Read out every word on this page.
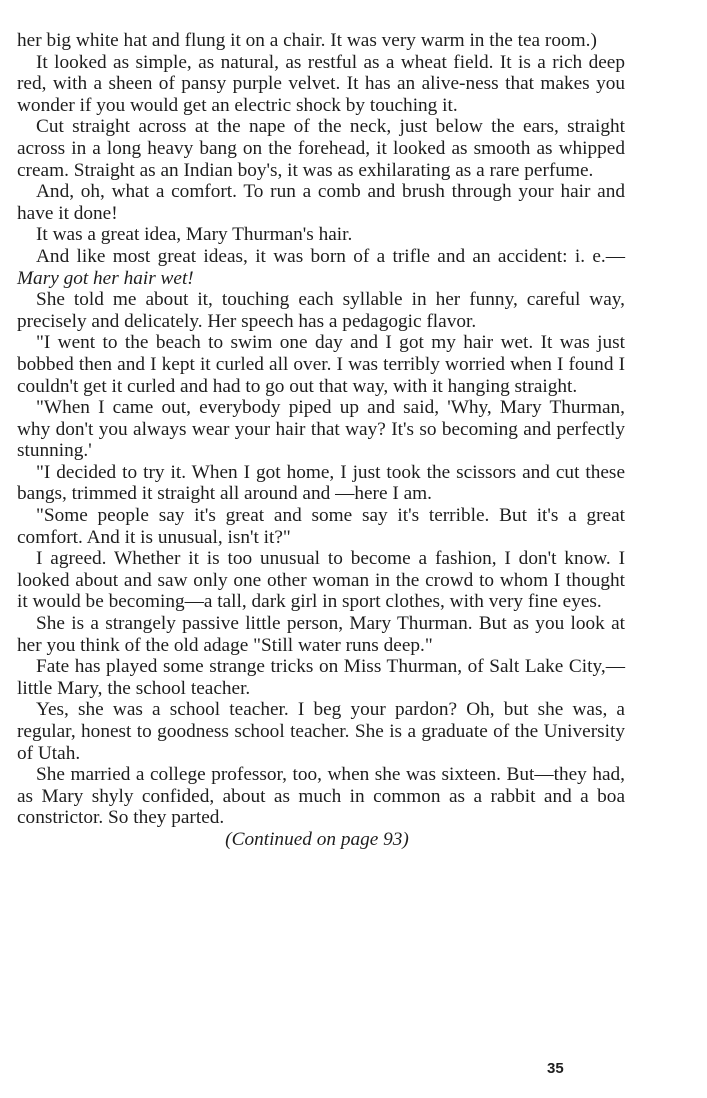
her big white hat and flung it on a chair. It was very warm in the tea room.)

It looked as simple, as natural, as restful as a wheat field. It is a rich deep red, with a sheen of pansy purple velvet. It has an alive-ness that makes you wonder if you would get an electric shock by touching it.

Cut straight across at the nape of the neck, just below the ears, straight across in a long heavy bang on the forehead, it looked as smooth as whipped cream. Straight as an Indian boy's, it was as exhilarating as a rare perfume.

And, oh, what a comfort. To run a comb and brush through your hair and have it done!

It was a great idea, Mary Thurman's hair.

And like most great ideas, it was born of a trifle and an accident: i. e.—Mary got her hair wet!

She told me about it, touching each syllable in her funny, careful way, precisely and delicately. Her speech has a pedagogic flavor.

"I went to the beach to swim one day and I got my hair wet. It was just bobbed then and I kept it curled all over. I was terribly worried when I found I couldn't get it curled and had to go out that way, with it hanging straight.

"When I came out, everybody piped up and said, 'Why, Mary Thurman, why don't you always wear your hair that way? It's so becoming and perfectly stunning.'

"I decided to try it. When I got home, I just took the scissors and cut these bangs, trimmed it straight all around and —here I am.

"Some people say it's great and some say it's terrible. But it's a great comfort. And it is unusual, isn't it?"

I agreed. Whether it is too unusual to become a fashion, I don't know. I looked about and saw only one other woman in the crowd to whom I thought it would be becoming—a tall, dark girl in sport clothes, with very fine eyes.

She is a strangely passive little person, Mary Thurman. But as you look at her you think of the old adage "Still water runs deep."

Fate has played some strange tricks on Miss Thurman, of Salt Lake City,—little Mary, the school teacher.

Yes, she was a school teacher. I beg your pardon? Oh, but she was, a regular, honest to goodness school teacher. She is a graduate of the University of Utah.

She married a college professor, too, when she was sixteen. But—they had, as Mary shyly confided, about as much in common as a rabbit and a boa constrictor. So they parted.

(Continued on page 93)
35
